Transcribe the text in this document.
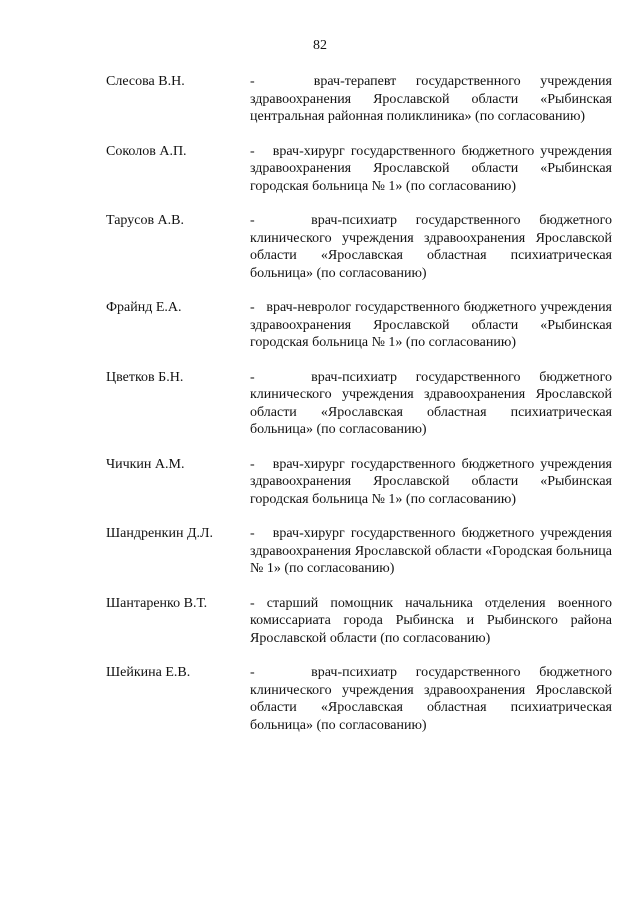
82
Слесова В.Н.	-   врач-терапевт государственного учреждения здравоохранения Ярославской области «Рыбинская центральная районная поликлиника» (по согласованию)
Соколов А.П.	-   врач-хирург государственного бюджетного учреждения здравоохранения Ярославской области «Рыбинская городская больница № 1» (по согласованию)
Тарусов А.В.	-   врач-психиатр государственного бюджетного клинического учреждения здравоохранения Ярославской области «Ярославская областная психиатрическая больница» (по согласованию)
Фрайнд Е.А.	-   врач-невролог государственного бюджетного учреждения здравоохранения Ярославской области «Рыбинская городская больница № 1» (по согласованию)
Цветков Б.Н.	-   врач-психиатр государственного бюджетного клинического учреждения здравоохранения Ярославской области «Ярославская областная психиатрическая больница» (по согласованию)
Чичкин А.М.	-   врач-хирург государственного бюджетного учреждения здравоохранения Ярославской области «Рыбинская городская больница № 1» (по согласованию)
Шандренкин Д.Л.	-   врач-хирург государственного бюджетного учреждения здравоохранения Ярославской области «Городская больница № 1» (по согласованию)
Шантаренко В.Т.	- старший помощник начальника отделения военного комиссариата города Рыбинска и Рыбинского района Ярославской области (по согласованию)
Шейкина Е.В.	-   врач-психиатр государственного бюджетного клинического учреждения здравоохранения Ярославской области «Ярославская областная психиатрическая больница» (по согласованию)
